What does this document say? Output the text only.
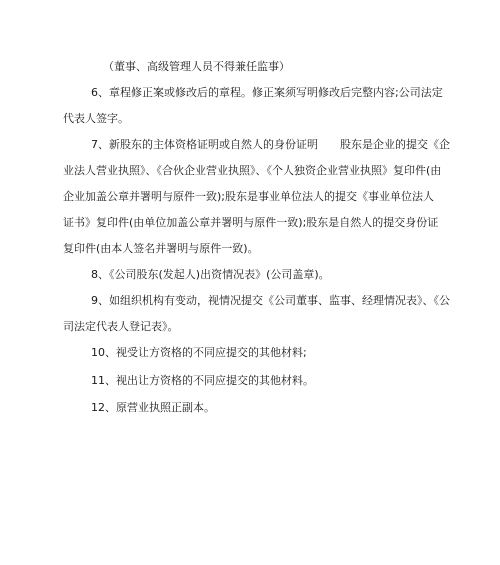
（董事、高级管理人员不得兼任监事）

6、章程修正案或修改后的章程。修正案须写明修改后完整内容;公司法定

代表人签字。

7、新股东的主体资格证明或自然人的身份证明　　股东是企业的提交《企

业法人营业执照》、《合伙企业营业执照》、《个人独资企业营业执照》复印件(由

企业加盖公章并署明与原件一致);股东是事业单位法人的提交《事业单位法人

证书》复印件(由单位加盖公章并署明与原件一致);股东是自然人的提交身份证

复印件(由本人签名并署明与原件一致)。

8、《公司股东(发起人)出资情况表》(公司盖章)。

9、如组织机构有变动，视情况提交《公司董事、监事、经理情况表》、《公

司法定代表人登记表》。

10、视受让方资格的不同应提交的其他材料;

11、视出让方资格的不同应提交的其他材料。

12、原营业执照正副本。
